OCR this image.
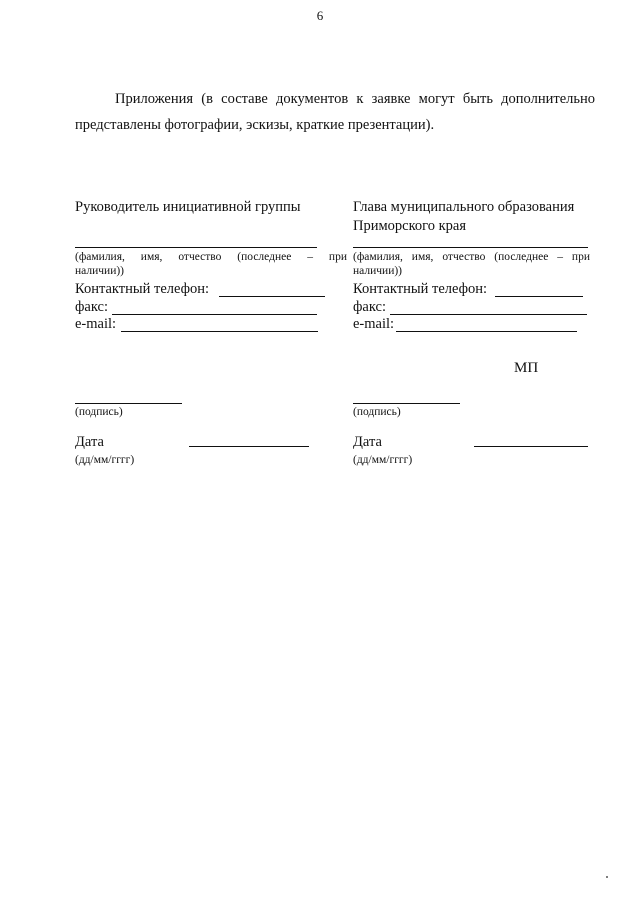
6
Приложения (в составе документов к заявке могут быть дополнительно
представлены фотографии, эскизы, краткие презентации).
Руководитель инициативной группы
(фамилия, имя, отчество (последнее – при
наличии))
Контактный телефон:
факс:
e-mail:
(подпись)
Дата
(дд/мм/гггг)
Глава муниципального образования
Приморского края
(фамилия, имя, отчество (последнее – при
наличии))
Контактный телефон:
факс:
e-mail:
МП
(подпись)
Дата
(дд/мм/гггг)
